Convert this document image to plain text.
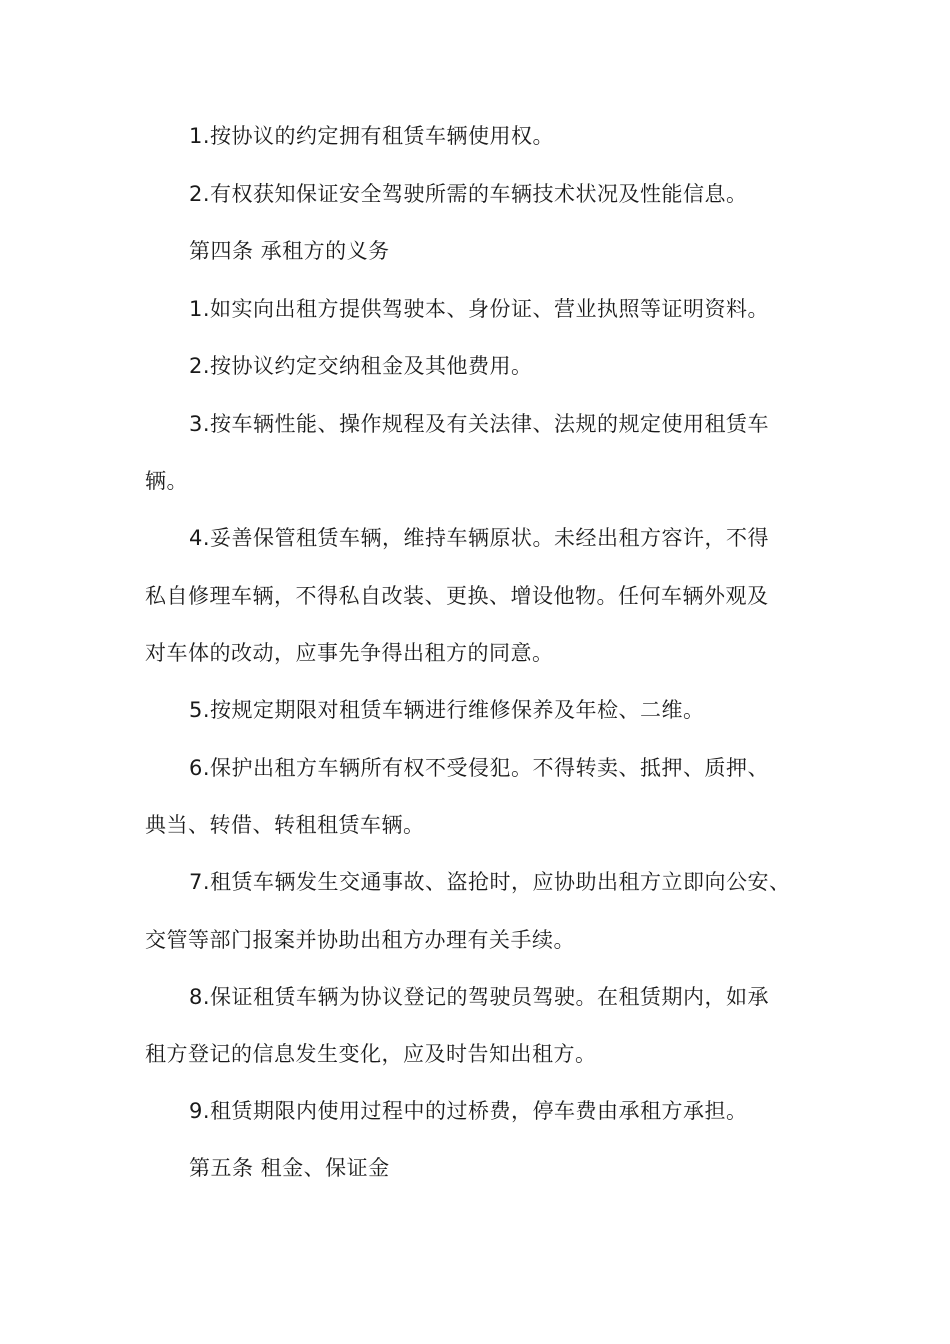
1.按协议的约定拥有租赁车辆使用权。
2.有权获知保证安全驾驶所需的车辆技术状况及性能信息。
第四条 承租方的义务
1.如实向出租方提供驾驶本、身份证、营业执照等证明资料。
2.按协议约定交纳租金及其他费用。
3.按车辆性能、操作规程及有关法律、法规的规定使用租赁车
辆。
4.妥善保管租赁车辆，维持车辆原状。未经出租方容许，不得
私自修理车辆，不得私自改装、更换、增设他物。任何车辆外观及
对车体的改动，应事先争得出租方的同意。
5.按规定期限对租赁车辆进行维修保养及年检、二维。
6.保护出租方车辆所有权不受侵犯。不得转卖、抵押、质押、
典当、转借、转租租赁车辆。
7.租赁车辆发生交通事故、盗抢时，应协助出租方立即向公安、
交管等部门报案并协助出租方办理有关手续。
8.保证租赁车辆为协议登记的驾驶员驾驶。在租赁期内，如承
租方登记的信息发生变化，应及时告知出租方。
9.租赁期限内使用过程中的过桥费，停车费由承租方承担。
第五条 租金、保证金
